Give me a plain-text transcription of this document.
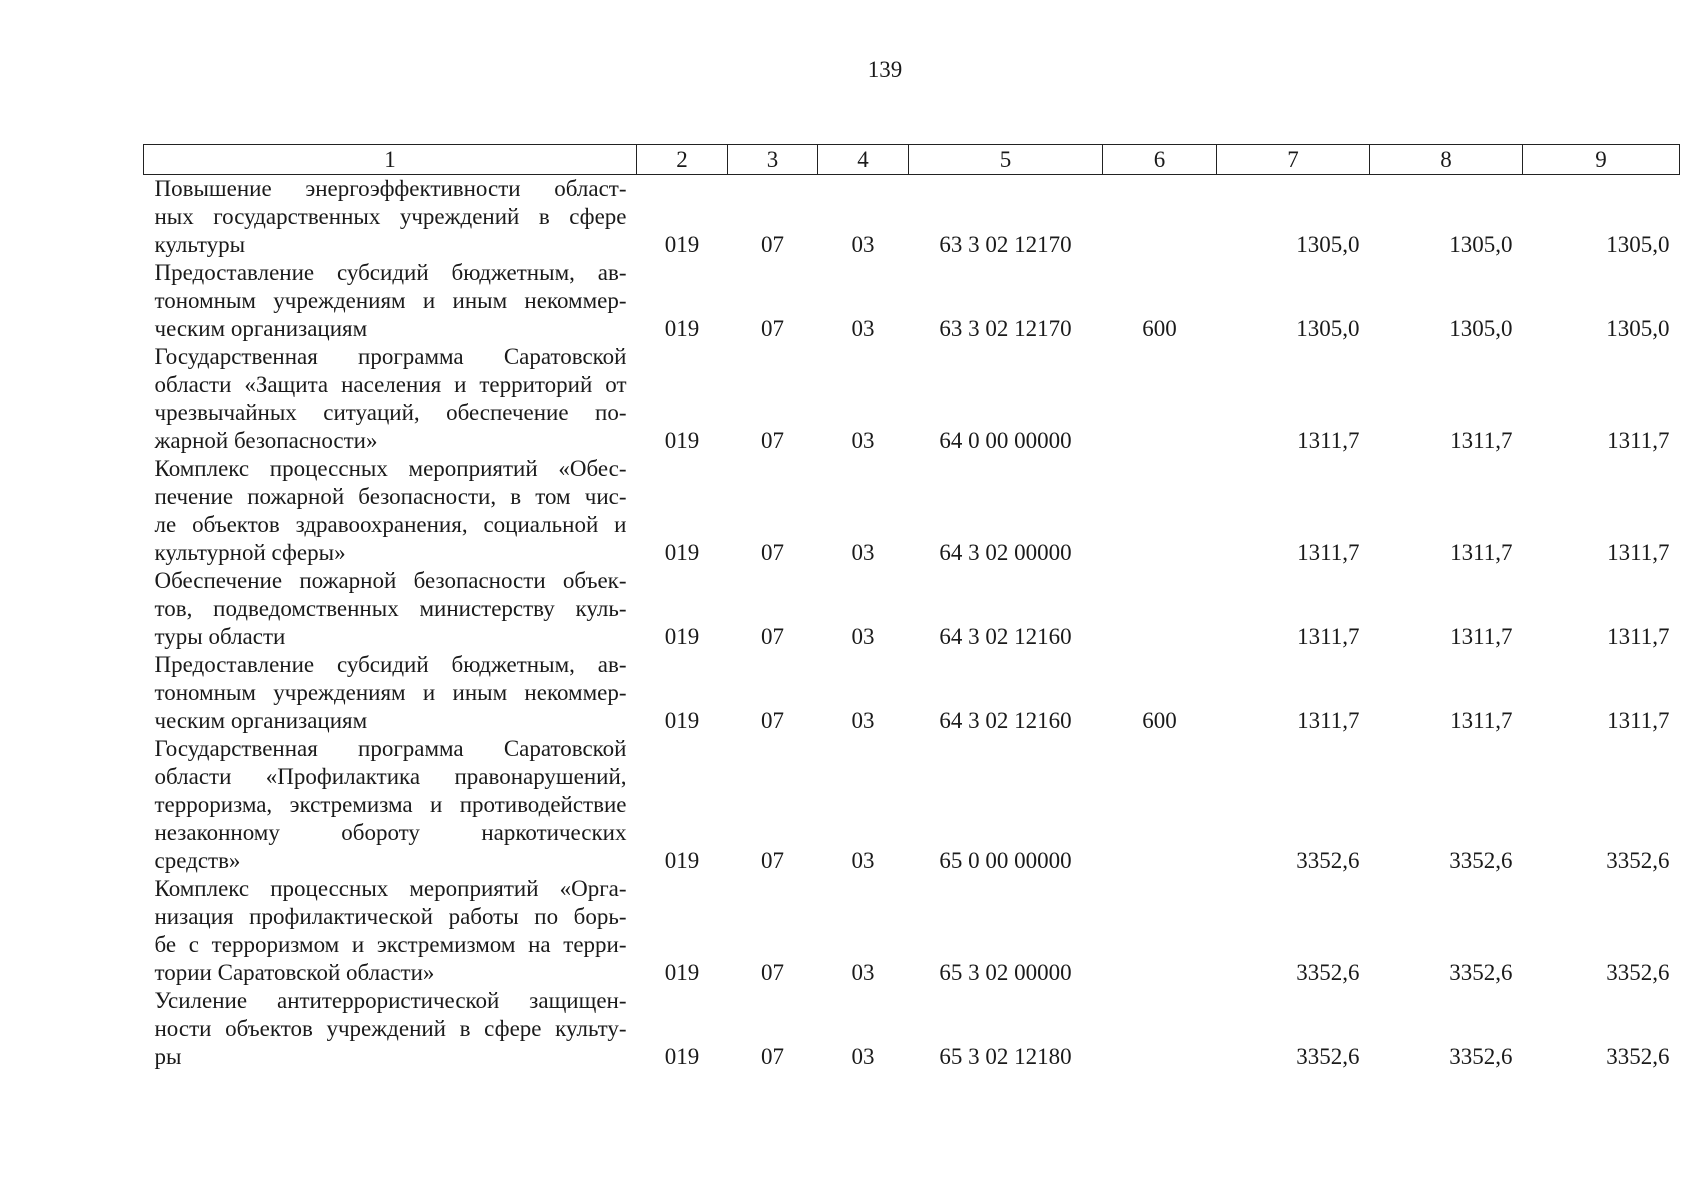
139
1	2	3	4	5	6	7	8	9

Повышение энергоэффективности област-
ных государственных учреждений в сфере
культуры	019	07	03	63 3 02 12170		1305,0	1305,0	1305,0

Предоставление субсидий бюджетным, ав-
тономным учреждениям и иным некоммер-
ческим организациям	019	07	03	63 3 02 12170	600	1305,0	1305,0	1305,0

Государственная программа Саратовской
области «Защита населения и территорий от
чрезвычайных ситуаций, обеспечение по-
жарной безопасности»	019	07	03	64 0 00 00000		1311,7	1311,7	1311,7

Комплекс процессных мероприятий «Обес-
печение пожарной безопасности, в том чис-
ле объектов здравоохранения, социальной и
культурной сферы»	019	07	03	64 3 02 00000		1311,7	1311,7	1311,7

Обеспечение пожарной безопасности объек-
тов, подведомственных министерству куль-
туры области	019	07	03	64 3 02 12160		1311,7	1311,7	1311,7

Предоставление субсидий бюджетным, ав-
тономным учреждениям и иным некоммер-
ческим организациям	019	07	03	64 3 02 12160	600	1311,7	1311,7	1311,7

Государственная программа Саратовской
области «Профилактика правонарушений,
терроризма, экстремизма и противодействие
незаконному обороту наркотических
средств»	019	07	03	65 0 00 00000		3352,6	3352,6	3352,6

Комплекс процессных мероприятий «Орга-
низация профилактической работы по борь-
бе с терроризмом и экстремизмом на терри-
тории Саратовской области»	019	07	03	65 3 02 00000		3352,6	3352,6	3352,6

Усиление антитеррористической защищен-
ности объектов учреждений в сфере культу-
ры	019	07	03	65 3 02 12180		3352,6	3352,6	3352,6
